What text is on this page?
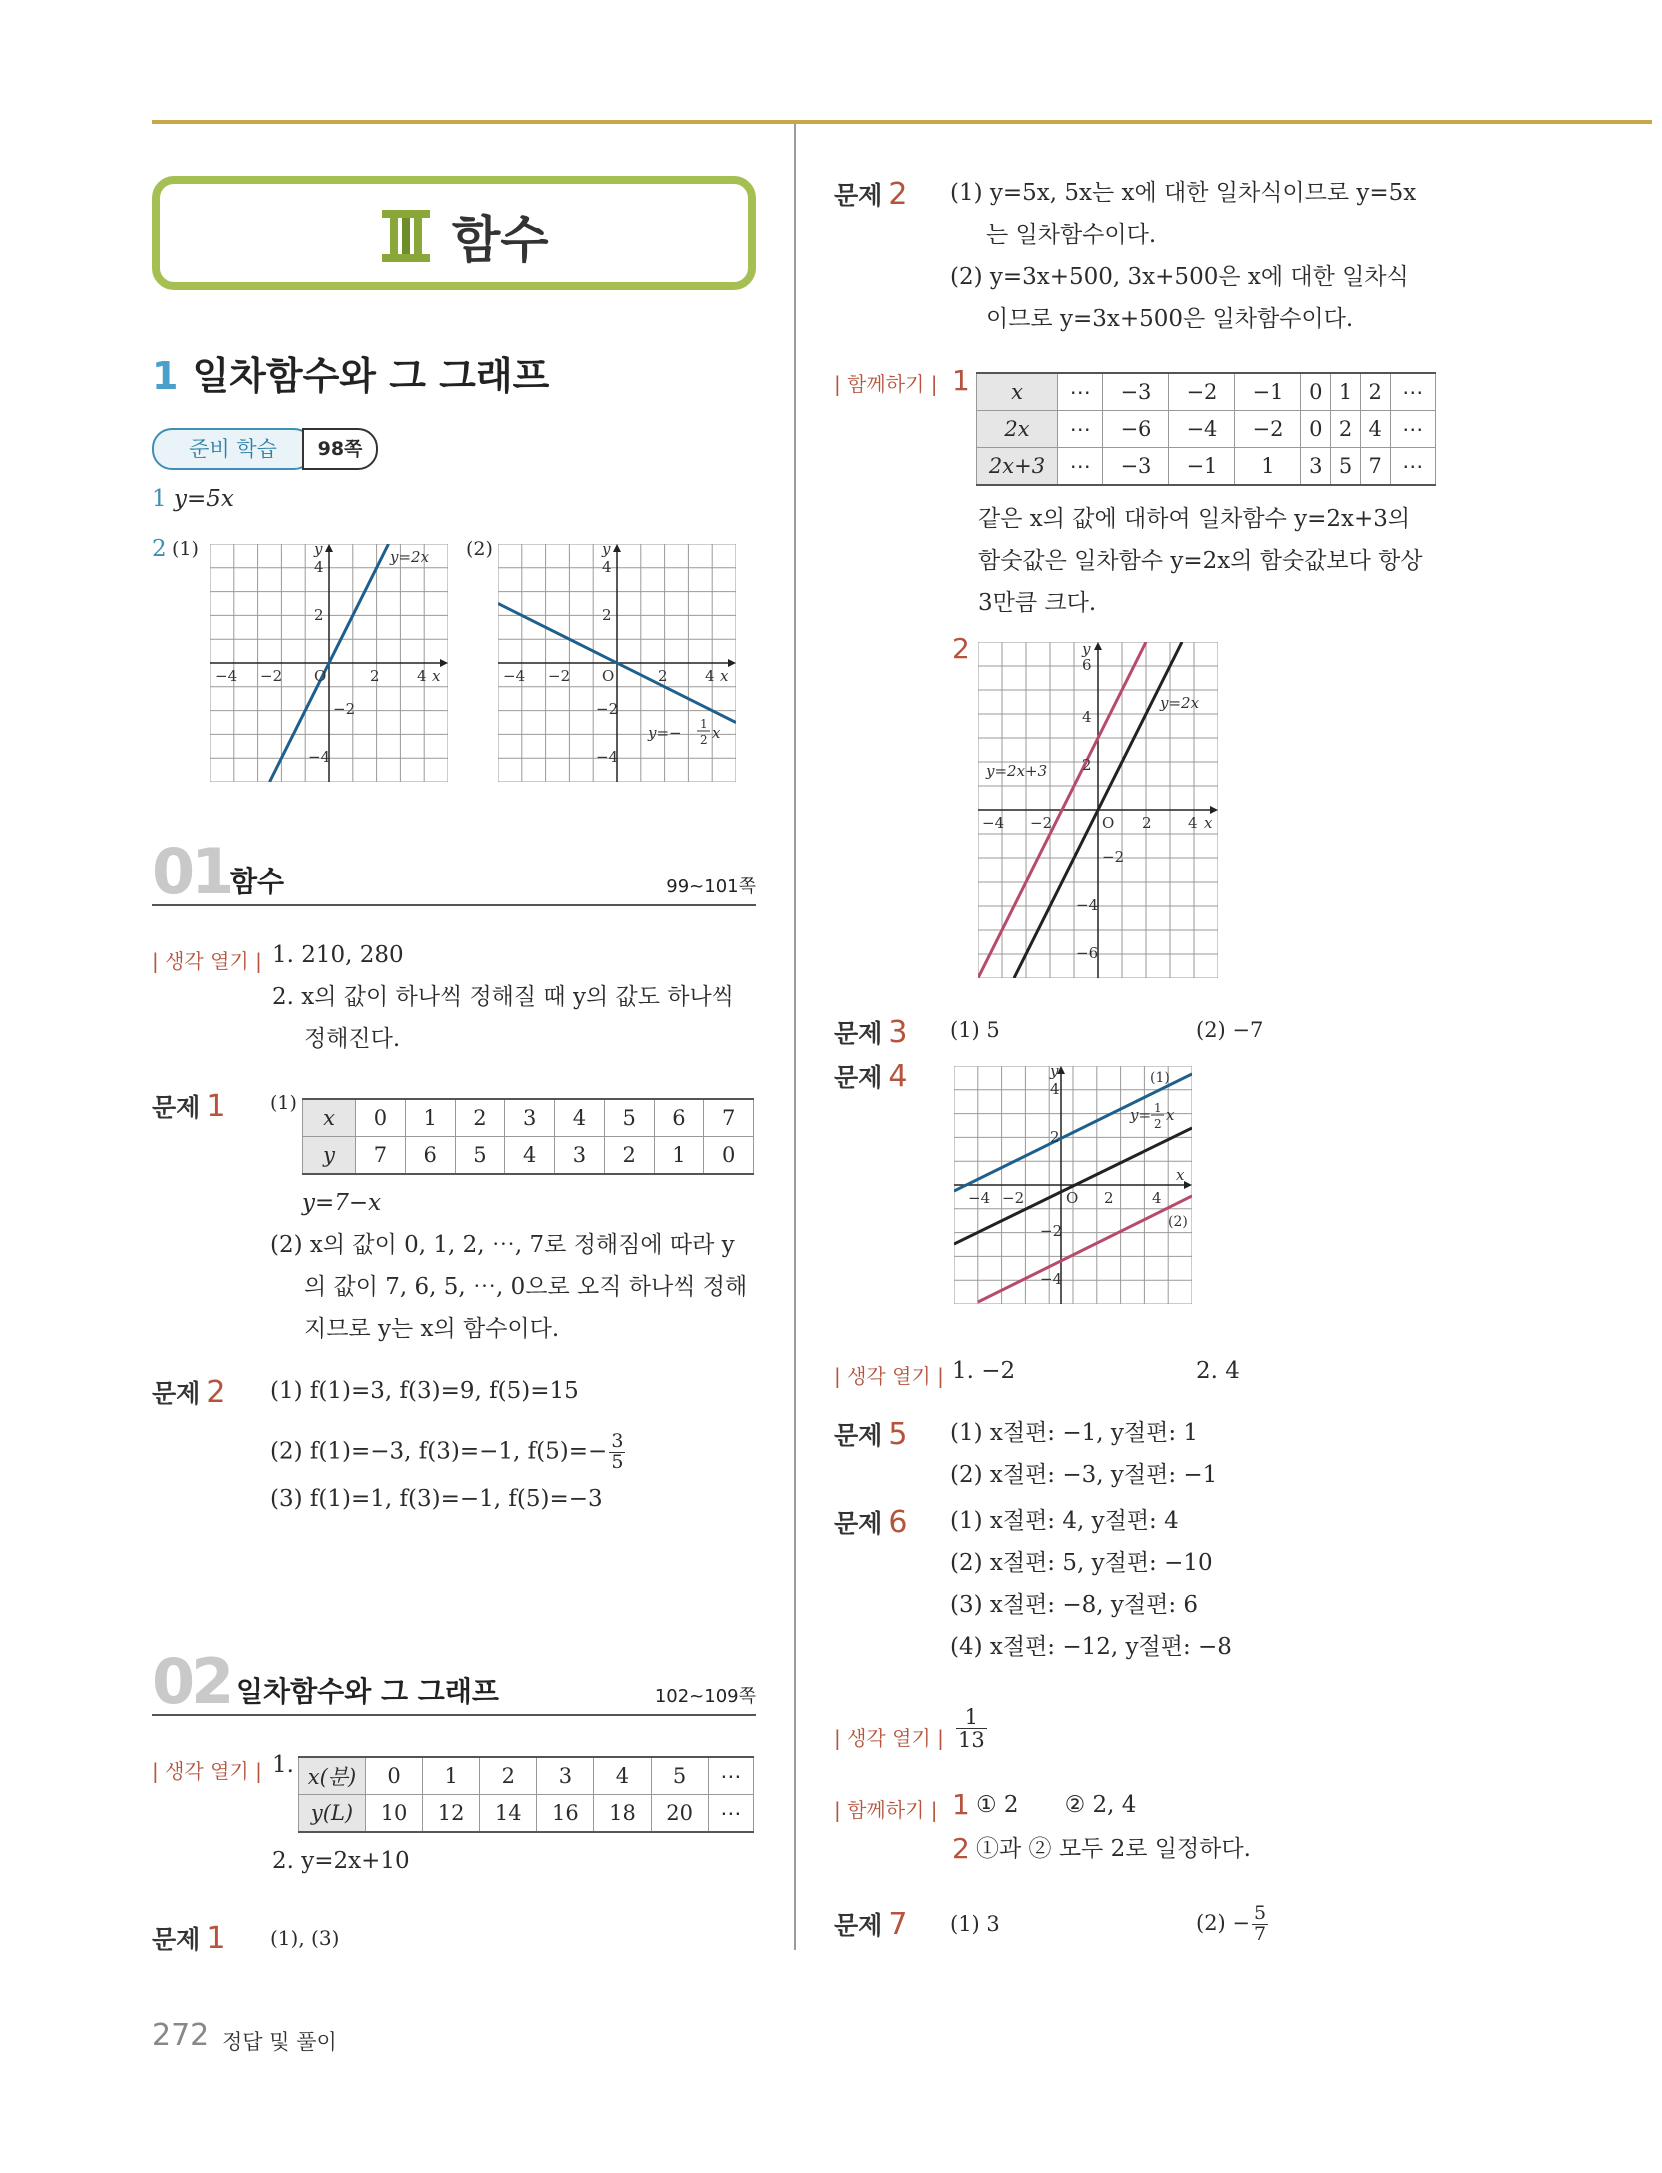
함수
1 일차함수와 그 그래프
준비 학습	98쪽
1 y=5x
2 (1)	(2)
−4 −2 O	2 4 x
2
4
y
−2
−4
y=2x
−4 −2 O	2 4 x
2
4
y
−2
−4
y=− 1
2 x
01 함수	99~101쪽
| 생각 열기 | 1. 210, 280
2. x의 값이 하나씩 정해질 때 y의 값도 하나씩
정해진다.
문제 1 (1)
x	0	1	2	3	4	5	6	7
y	7	6	5	4	3	2	1	0
y=7−x
(2) x의 값이 0, 1, 2, ⋯, 7로 정해짐에 따라 y
의 값이 7, 6, 5, ⋯, 0으로 오직 하나씩 정해
지므로 y는 x의 함수이다.
문제 2 (1) f(1)=3, f(3)=9, f(5)=15
(2) f(1)=−3, f(3)=−1, $f(5)=- \frac{3}{5}$
(3) f(1)=1, f(3)=−1, f(5)=−3
02 일차함수와 그 그래프	102~109쪽
| 생각 열기 | 1. x(분)	0	1	2	3	4	5	⋯
y(L)	10	12	14	16	18	20	⋯
2. y=2x+10
문제 1 (1), (3)
272 정답 및 풀이
문제 2 (1) y=5x, 5x는 x에 대한 일차식이므로 y=5x
는 일차함수이다.
(2) y=3x+500, 3x+500은 x에 대한 일차식
이므로 y=3x+500은 일차함수이다.
| 함께하기 | 1 x	⋯	−3	−2	−1	0	1	2	⋯
2x	⋯	−6	−4	−2	0	2	4	⋯
2x+3	⋯	−3	−1	1	3	5	7	⋯
같은 x의 값에 대하여 일차함수 y=2x+3의
함숫값은 일차함수 y=2x의 함숫값보다 항상
3만큼 크다.
2
−4 −2	O 2 4 x
2
4
6
y
−2
−4
−6
y=2x
y=2x+3
문제 3 (1) 5	(2) −7
문제 4
−4 −2	O 2	4
x
2
4
y
−2
−4
(1)
(2)
y= 1
2 x
| 생각 열기 | 1. −2	2. 4
문제 5 (1) x절편: −1, y절편: 1
(2) x절편: −3, y절편: −1
문제 6 (1) x절편: 4, y절편: 4
(2) x절편: 5, y절편: −10
(3) x절편: −8, y절편: 6
(4) x절편: −12, y절편: −8
| 생각 열기 | $\frac{1}{13}$
| 함께하기 | 1 ① 2　　② 2, 4
2 ①과 ② 모두 2로 일정하다.
문제 7 (1) 3	$(2) - \frac{5}{7}$
